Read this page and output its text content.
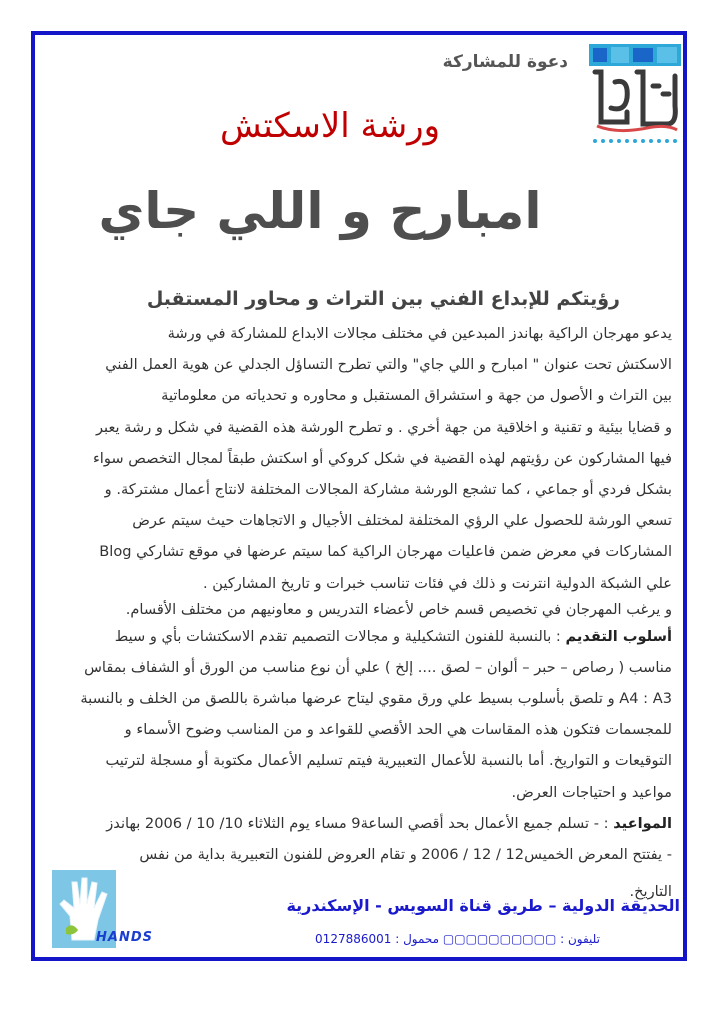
دعوة للمشاركة
ورشة الاسكتش
امبارح و اللي جاي
رؤيتكم للإبداع الفني بين التراث و محاور المستقبل
يدعو مهرجان الراكية بهاندز المبدعين في مختلف مجالات الابداع للمشاركة في ورشة
الاسكتش تحت عنوان " امبارح و اللي جاي" والتي تطرح التساؤل الجدلي عن هوية العمل الفني
بين التراث و الأصول من جهة و استشراق المستقبل و محاوره و تحدياته من معلوماتية
و قضايا بيئية و تقنية و اخلاقية من جهة أخري . و تطرح الورشة هذه القضية في شكل و رشة يعبر
فيها المشاركون عن رؤيتهم لهذه القضية في شكل كروكي أو اسكتش طبقاً لمجال التخصص سواء
بشكل فردي أو جماعي ، كما تشجع الورشة مشاركة المجالات المختلفة لانتاج أعمال مشتركة. و
تسعي الورشة للحصول علي الرؤي المختلفة لمختلف الأجيال و الاتجاهات حيث سيتم عرض
المشاركات في معرض ضمن فاعليات مهرجان الراكية كما سيتم عرضها في موقع تشاركي Blog
علي الشبكة الدولية انترنت و ذلك في فئات تناسب خبرات و تاريخ المشاركين .
و يرغب المهرجان في تخصيص قسم خاص لأعضاء التدريس و معاونيهم من مختلف الأقسام.
أسلوب التقديم : بالنسبة للفنون التشكيلية و مجالات التصميم تقدم الاسكتشات بأي و سيط
مناسب ( رصاص – حبر – ألوان – لصق .... إلخ ) علي أن نوع مناسب من الورق أو الشفاف بمقاس
A4 : A3 و تلصق بأسلوب بسيط علي ورق مقوي ليتاح عرضها مباشرة باللصق من الخلف و بالنسبة
للمجسمات فتكون هذه المقاسات هي الحد الأقصي للقواعد و من المناسب وضوح الأسماء و
التوقيعات و التواريخ. أما بالنسبة للأعمال التعبيرية فيتم تسليم الأعمال مكتوبة أو مسجلة لترتيب
مواعيد و احتياجات العرض.
المواعيد : - تسلم جميع الأعمال بحد أقصي الساعة9 مساء يوم الثلاثاء 10/ 10 / 2006 بهاندز
- يفتتح المعرض الخميس12 / 12 / 2006 و تقام العروض للفنون التعبيرية بداية من نفس
التاريخ.
HANDS
الحديقة الدولية – طريق قناة السويس - الإسكندرية
تليفون : ▢▢▢▢▢▢▢▢▢▢ محمول : 0127886001
